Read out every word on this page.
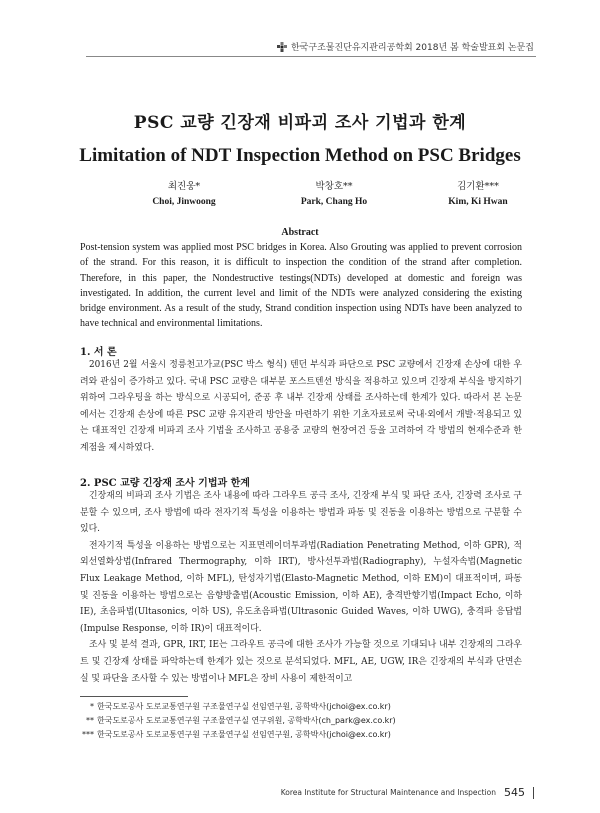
한국구조물진단유지관리공학회 2018년 봄 학술발표회 논문집
PSC 교량 긴장재 비파괴 조사 기법과 한계
Limitation of NDT Inspection Method on PSC Bridges
최진웅*
Choi, Jinwoong
박창호**
Park, Chang Ho
김기환***
Kim, Ki Hwan
Abstract
Post-tension system was applied most PSC bridges in Korea. Also Grouting was applied to prevent corrosion of the strand. For this reason, it is difficult to inspection the condition of the strand after completion. Therefore, in this paper, the Nondestructive testings(NDTs) developed at domestic and foreign was investigated. In addition, the current level and limit of the NDTs were analyzed considering the existing bridge environment. As a result of the study, Strand condition inspection using NDTs have been analyzed to have technical and environmental limitations.
1. 서 론

2016년 2월 서울시 정릉천고가교(PSC 박스 형식) 텐던 부식과 파단으로 PSC 교량에서 긴장재 손상에 대한 우려와 관심이 증가하고 있다. 국내 PSC 교량은 대부분 포스트텐션 방식을 적용하고 있으며 긴장재 부식을 방지하기 위하여 그라우팅을 하는 방식으로 시공되어, 준공 후 내부 긴장재 상태를 조사하는데 한계가 있다. 따라서 본 논문에서는 긴장재 손상에 따른 PSC 교량 유지관리 방안을 마련하기 위한 기초자료로써 국내·외에서 개발·적용되고 있는 대표적인 긴장재 비파괴 조사 기법을 조사하고 공용중 교량의 현장여건 등을 고려하여 각 방법의 현재수준과 한계점을 제시하였다.

2. PSC 교량 긴장재 조사 기법과 한계

긴장재의 비파괴 조사 기법은 조사 내용에 따라 그라우트 공극 조사, 긴장재 부식 및 파단 조사, 긴장력 조사로 구분할 수 있으며, 조사 방법에 따라 전자기적 특성을 이용하는 방법과 파동 및 진동을 이용하는 방법으로 구분할 수 있다.

전자기적 특성을 이용하는 방법으로는 지표면레이더투과법(Radiation Penetrating Method, 이하 GPR), 적외선열화상법(Infrared Thermography, 이하 IRT), 방사선투과법(Radiography), 누설자속법(Magnetic Flux Leakage Method, 이하 MFL), 탄성자기법(Elasto-Magnetic Method, 이하 EM)이 대표적이며, 파동 및 진동을 이용하는 방법으로는 음향방출법(Acoustic Emission, 이하 AE), 충격반향기법(Impact Echo, 이하 IE), 초음파법(Ultasonics, 이하 US), 유도초음파법(Ultrasonic Guided Waves, 이하 UWG), 충격파 응답법(Impulse Response, 이하 IR)이 대표적이다.

조사 및 분석 결과, GPR, IRT, IE는 그라우트 공극에 대한 조사가 가능할 것으로 기대되나 내부 긴장재의 그라우트 및 긴장재 상태를 파악하는데 한계가 있는 것으로 분석되었다. MFL, AE, UGW, IR은 긴장재의 부식과 단면손실 및 파단을 조사할 수 있는 방법이나 MFL은 장비 사용이 제한적이고

* 한국도로공사 도로교통연구원 구조물연구실 선임연구원, 공학박사(jchoi@ex.co.kr)
** 한국도로공사 도로교통연구원 구조물연구실 연구위원, 공학박사(ch_park@ex.co.kr)
*** 한국도로공사 도로교통연구원 구조물연구실 선임연구원, 공학박사(jchoi@ex.co.kr)
Korea Institute for Structural Maintenance and Inspection 545
